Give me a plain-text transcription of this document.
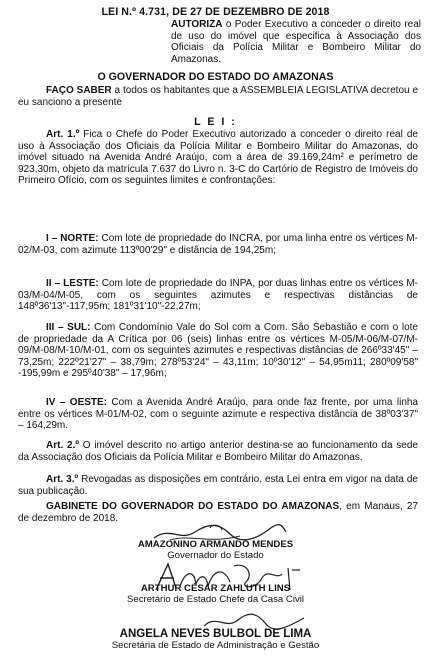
LEI N.º 4.731, DE 27 DE DEZEMBRO DE 2018
AUTORIZA o Poder Executivo a conceder o direito real de uso do imóvel que especifica à Associação dos Oficiais da Polícia Militar e Bombeiro Militar do Amazonas.
O GOVERNADOR DO ESTADO DO AMAZONAS
FAÇO SABER a todos os habitantes que a ASSEMBLEIA LEGISLATIVA decretou e eu sanciono a presente
L E I :
Art. 1.º Fica o Chefe do Poder Executivo autorizado a conceder o direito real de uso à Associação dos Oficiais da Polícia Militar e Bombeiro Militar do Amazonas, do imóvel situado na Avenida André Araújo, com a área de 39.169,24m² e perímetro de 923,30m, objeto da matrícula 7.637 do Livro n. 3-C do Cartório de Registro de Imóveis do Primeiro Ofício, com os seguintes limites e confrontações:
I – NORTE: Com lote de propriedade do INCRA, por uma linha entre os vértices M-02/M-03, com azimute 113º00'29" e distância de 194,25m;
II – LESTE: Com lote de propriedade do INPA, por duas linhas entre os vértices M-03/M-04/M-05, com os seguintes azimutes e respectivas distâncias de 148º36'13"-117,95m; 181º31'10"-22,27m;
III – SUL: Com Condomínio Vale do Sol com a Com. São Sebastião e com o lote de propriedade da A Crítica por 06 (seis) linhas entre os vértices M-05/M-06/M-07/M-09/M-08/M-10/M-01, com os seguintes azimutes e respectivas distâncias de 266º33'45" – 73,25m; 222º21'27" – 38,79m; 278º53'24" – 43,11m; 10º30'12" – 54,95m11; 280º09'58" -195,99m e 295º40'38" – 17,96m;
IV – OESTE: Com a Avenida André Araújo, para onde faz frente, por uma linha entre os vértices M-01/M-02, com o seguinte azimute e respectiva distância de 38º03'37" – 164,29m.
Art. 2.º O imóvel descrito no artigo anterior destina-se ao funcionamento da sede da Associação dos Oficiais da Polícia Militar e Bombeiro Militar do Amazonas.
Art. 3.º Revogadas as disposições em contrário, esta Lei entra em vigor na data de sua publicação.
GABINETE DO GOVERNADOR DO ESTADO DO AMAZONAS, em Manaus, 27 de dezembro de 2018.
AMAZONINO ARMANDO MENDES
Governador do Estado
ARTHUR CÉSAR ZAHLUTH LINS
Secretário de Estado Chefe da Casa Civil
ANGELA NEVES BULBOL DE LIMA
Secretária de Estado de Administração e Gestão
